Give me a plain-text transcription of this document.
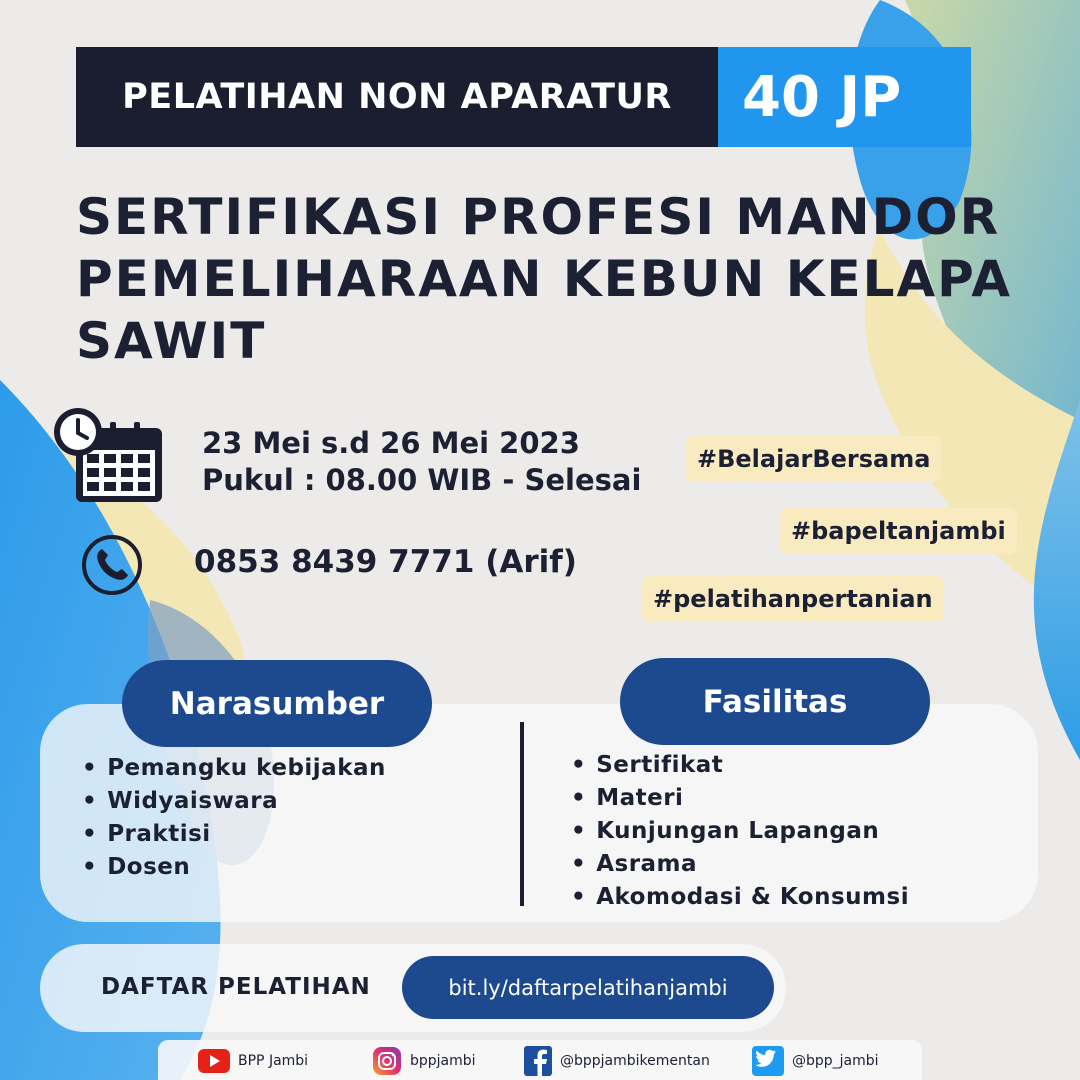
PELATIHAN NON APARATUR	40 JP
SERTIFIKASI PROFESI MANDOR
PEMELIHARAAN KEBUN KELAPA
SAWIT
23 Mei s.d 26 Mei 2023
Pukul : 08.00 WIB - Selesai
0853 8439 7771 (Arif)
#BelajarBersama
#bapeltanjambi
#pelatihanpertanian
Narasumber	Fasilitas
• Pemangku kebijakan
• Widyaiswara
• Praktisi
• Dosen
• Sertifikat
• Materi
• Kunjungan Lapangan
• Asrama
• Akomodasi & Konsumsi
DAFTAR PELATIHAN	bit.ly/daftarpelatihanjambi
BPP Jambi	bppjambi	@bppjambikementan	@bpp_jambi
